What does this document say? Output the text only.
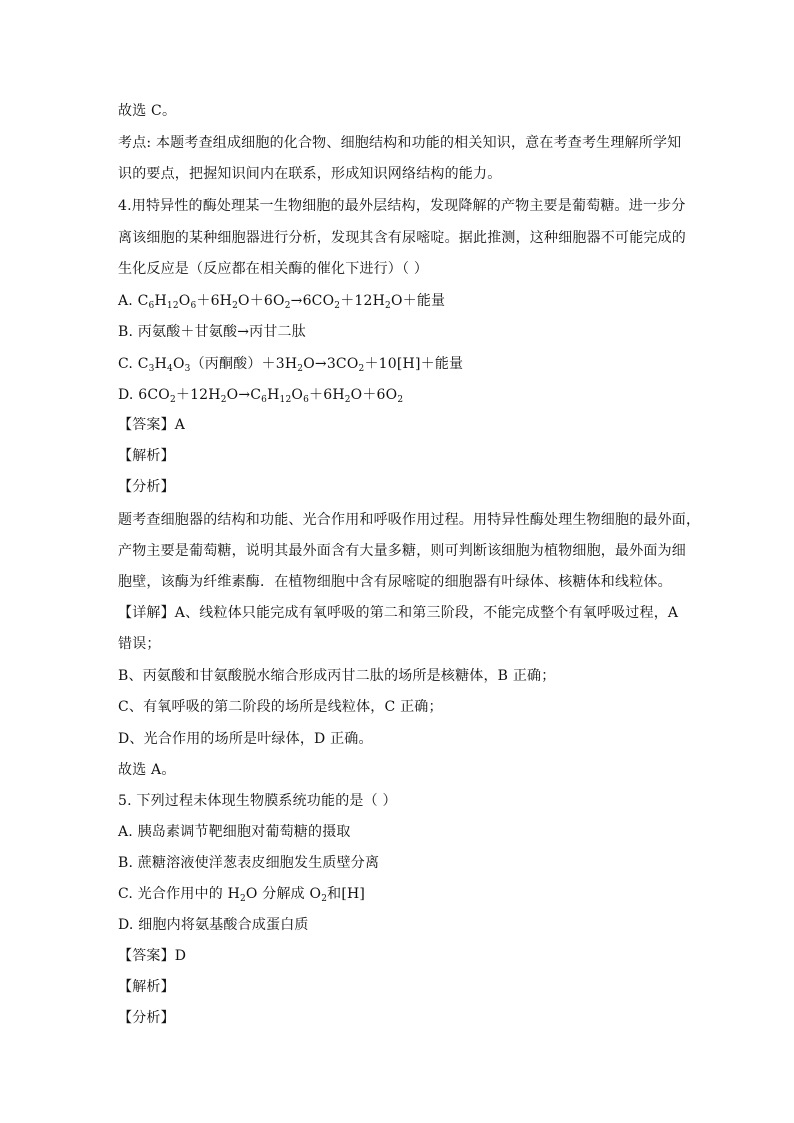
故选 C。
考点: 本题考查组成细胞的化合物、细胞结构和功能的相关知识，意在考查考生理解所学知
识的要点，把握知识间内在联系，形成知识网络结构的能力。
4.用特异性的酶处理某一生物细胞的最外层结构，发现降解的产物主要是葡萄糖。进一步分
离该细胞的某种细胞器进行分析，发现其含有尿嘧啶。据此推测，这种细胞器不可能完成的
生化反应是（反应都在相关酶的催化下进行）（ ）
A. $C_6H_{12}O_6+6H_2O+6O_2\to 6CO_2+12H_2O+$能量
B. 丙氨酸＋甘氨酸→丙甘二肽
C. $C_3H_4O_3$（丙酮酸）$+3H_2O\to 3CO_2+10[H]+$能量
D. $6CO_2+12H_2O\to C_6H_{12}O_6+6H_2O+6O_2$
【答案】A
【解析】
【分析】
题考查细胞器的结构和功能、光合作用和呼吸作用过程。用特异性酶处理生物细胞的最外面，
产物主要是葡萄糖，说明其最外面含有大量多糖，则可判断该细胞为植物细胞，最外面为细
胞壁，该酶为纤维素酶．在植物细胞中含有尿嘧啶的细胞器有叶绿体、核糖体和线粒体。
【详解】A、线粒体只能完成有氧呼吸的第二和第三阶段，不能完成整个有氧呼吸过程，A
错误；
B、丙氨酸和甘氨酸脱水缩合形成丙甘二肽的场所是核糖体，B 正确；
C、有氧呼吸的第二阶段的场所是线粒体，C 正确；
D、光合作用的场所是叶绿体，D 正确。
故选 A。
5. 下列过程未体现生物膜系统功能的是（ ）
A. 胰岛素调节靶细胞对葡萄糖的摄取
B. 蔗糖溶液使洋葱表皮细胞发生质壁分离
C. 光合作用中的 $H_2O$ 分解成 $O_2$和[H]
D. 细胞内将氨基酸合成蛋白质
【答案】D
【解析】
【分析】
